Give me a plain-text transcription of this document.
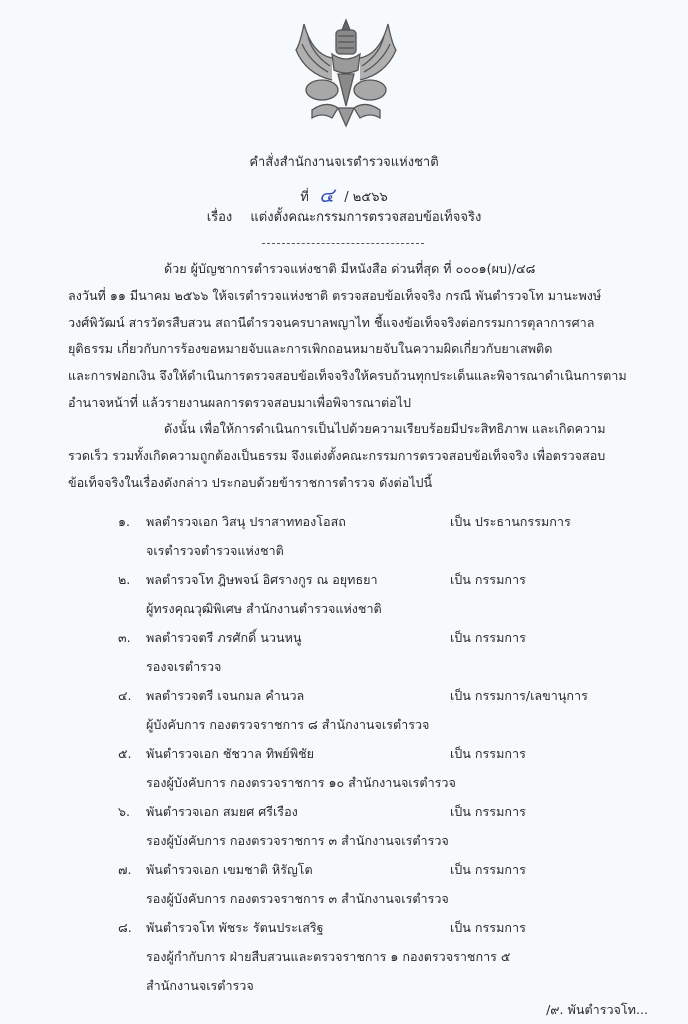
คำสั่งสำนักงานจเรตำรวจแห่งชาติ
ที่ ๔ / ๒๕๖๖
เรื่อง แต่งตั้งคณะกรรมการตรวจสอบข้อเท็จจริง
ด้วย ผู้บัญชาการตำรวจแห่งชาติ มีหนังสือ ด่วนที่สุด ที่ ๐๐๐๑(ผบ)/๔๘
ลงวันที่ ๑๑ มีนาคม ๒๕๖๖ ให้จเรตำรวจแห่งชาติ ตรวจสอบข้อเท็จจริง กรณี พันตำรวจโท มานะพงษ์
วงศ์พิวัฒน์ สารวัตรสืบสวน สถานีตำรวจนครบาลพญาไท ชี้แจงข้อเท็จจริงต่อกรรมการตุลาการศาล
ยุติธรรม เกี่ยวกับการร้องขอหมายจับและการเพิกถอนหมายจับในความผิดเกี่ยวกับยาเสพติด
และการฟอกเงิน จึงให้ดำเนินการตรวจสอบข้อเท็จจริงให้ครบถ้วนทุกประเด็นและพิจารณาดำเนินการตาม
อำนาจหน้าที่ แล้วรายงานผลการตรวจสอบมาเพื่อพิจารณาต่อไป
ดังนั้น เพื่อให้การดำเนินการเป็นไปด้วยความเรียบร้อยมีประสิทธิภาพ และเกิดความ
รวดเร็ว รวมทั้งเกิดความถูกต้องเป็นธรรม จึงแต่งตั้งคณะกรรมการตรวจสอบข้อเท็จจริง เพื่อตรวจสอบ
ข้อเท็จจริงในเรื่องดังกล่าว ประกอบด้วยข้าราชการตำรวจ ดังต่อไปนี้
๑. พลตำรวจเอก วิสนุ ปราสาททองโอสถ
จเรตำรวจตำรวจแห่งชาติ
เป็น ประธานกรรมการ
๒. พลตำรวจโท ฎิษพจน์ อิศรางกูร ณ อยุทธยา
ผู้ทรงคุณวุฒิพิเศษ สำนักงานตำรวจแห่งชาติ
เป็น กรรมการ
๓. พลตำรวจตรี ภรศักดิ์ นวนหนู
รองจเรตำรวจ
เป็น กรรมการ
๔. พลตำรวจตรี เจนกมล คำนวล
ผู้บังคับการ กองตรวจราชการ ๘ สำนักงานจเรตำรวจ
เป็น กรรมการ/เลขานุการ
๕. พันตำรวจเอก ชัชวาล ทิพย์พิชัย
รองผู้บังคับการ กองตรวจราชการ ๑๐ สำนักงานจเรตำรวจ
เป็น กรรมการ
๖. พันตำรวจเอก สมยศ ศรีเรือง
รองผู้บังคับการ กองตรวจราชการ ๓ สำนักงานจเรตำรวจ
เป็น กรรมการ
๗. พันตำรวจเอก เขมชาติ หิรัญโต
รองผู้บังคับการ กองตรวจราชการ ๓ สำนักงานจเรตำรวจ
เป็น กรรมการ
๘. พันตำรวจโท พัชระ รัตนประเสริฐ
รองผู้กำกับการ ฝ่ายสืบสวนและตรวจราชการ ๑ กองตรวจราชการ ๕
สำนักงานจเรตำรวจ
เป็น กรรมการ
/๙. พันตำรวจโท...
